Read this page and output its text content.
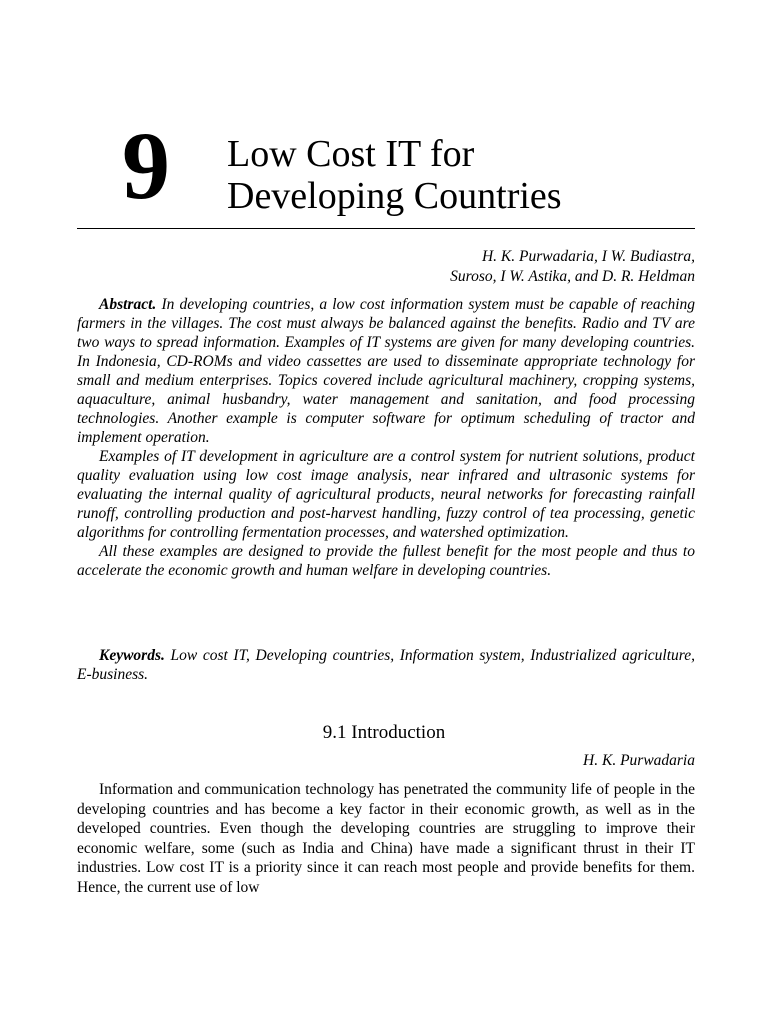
9 Low Cost IT for
Developing Countries
H. K. Purwadaria, I W. Budiastra,
Suroso, I W. Astika, and D. R. Heldman

Abstract. In developing countries, a low cost information system must be capable of reaching farmers in the villages. The cost must always be balanced against the benefits. Radio and TV are two ways to spread information. Examples of IT systems are given for many developing countries. In Indonesia, CD-ROMs and video cassettes are used to disseminate appropriate technology for small and medium enterprises. Topics covered include agricultural machinery, cropping systems, aquaculture, animal husbandry, water management and sanitation, and food processing technologies. Another example is computer software for optimum scheduling of tractor and implement operation.

Examples of IT development in agriculture are a control system for nutrient solutions, product quality evaluation using low cost image analysis, near infrared and ultrasonic systems for evaluating the internal quality of agricultural products, neural networks for forecasting rainfall runoff, controlling production and post-harvest handling, fuzzy control of tea processing, genetic algorithms for controlling fermentation processes, and watershed optimization.

All these examples are designed to provide the fullest benefit for the most people and thus to accelerate the economic growth and human welfare in developing countries.

Keywords. Low cost IT, Developing countries, Information system, Industrialized agriculture, E-business.

9.1 Introduction
H. K. Purwadaria

Information and communication technology has penetrated the community life of people in the developing countries and has become a key factor in their economic growth, as well as in the developed countries. Even though the developing countries are struggling to improve their economic welfare, some (such as India and China) have made a significant thrust in their IT industries. Low cost IT is a priority since it can reach most people and provide benefits for them. Hence, the current use of low
